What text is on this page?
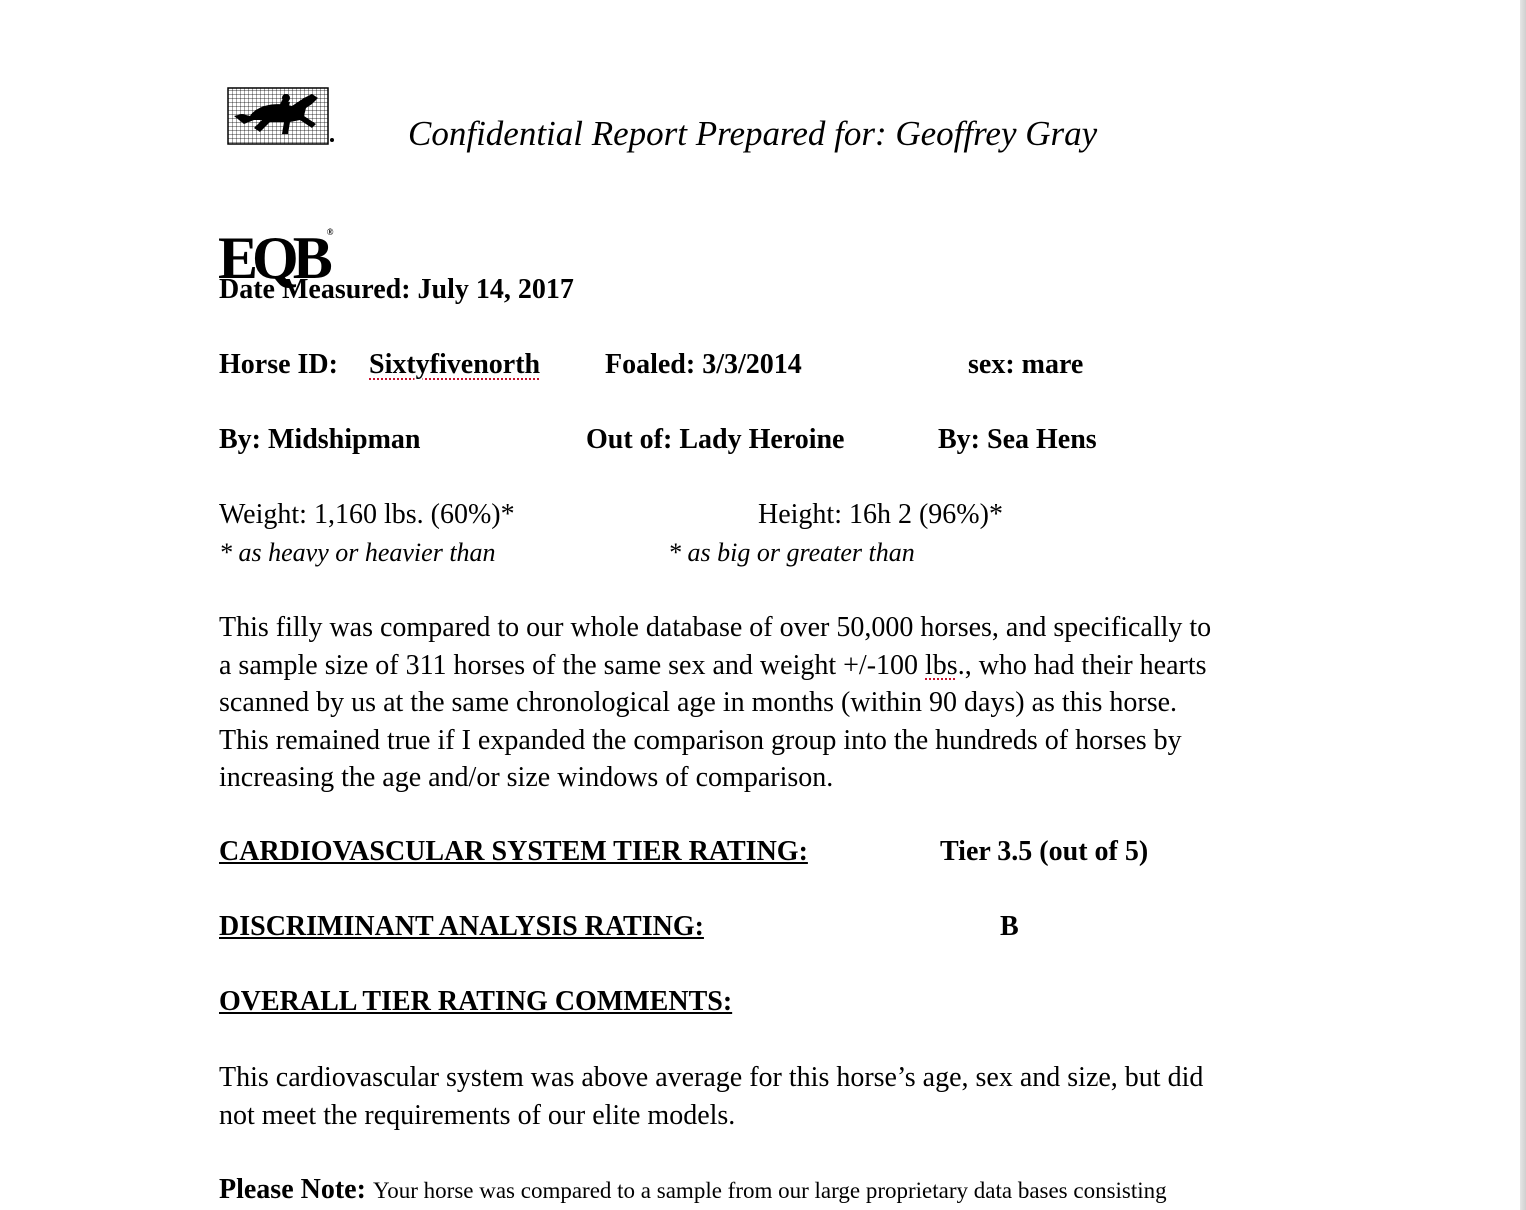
EQB®
Confidential Report Prepared for: Geoffrey Gray
Date Measured: July 14, 2017
Horse ID: Sixtyfivenorth Foaled: 3/3/2014	sex: mare
By: Midshipman	Out of: Lady Heroine	By: Sea Hens
Weight: 1,160 lbs. (60%)*	Height: 16h 2 (96%)*
* as heavy or heavier than	* as big or greater than

This filly was compared to our whole database of over 50,000 horses, and specifically to

a sample size of 311 horses of the same sex and weight +/-100 lbs., who had their hearts

scanned by us at the same chronological age in months (within 90 days) as this horse.

This remained true if I expanded the comparison group into the hundreds of horses by

increasing the age and/or size windows of comparison.

CARDIOVASCULAR SYSTEM TIER RATING:	Tier 3.5 (out of 5)
DISCRIMINANT ANALYSIS RATING:	B
OVERALL TIER RATING COMMENTS:

This cardiovascular system was above average for this horse’s age, sex and size, but did

not meet the requirements of our elite models.

Please Note: Your horse was compared to a sample from our large proprietary data bases consisting
